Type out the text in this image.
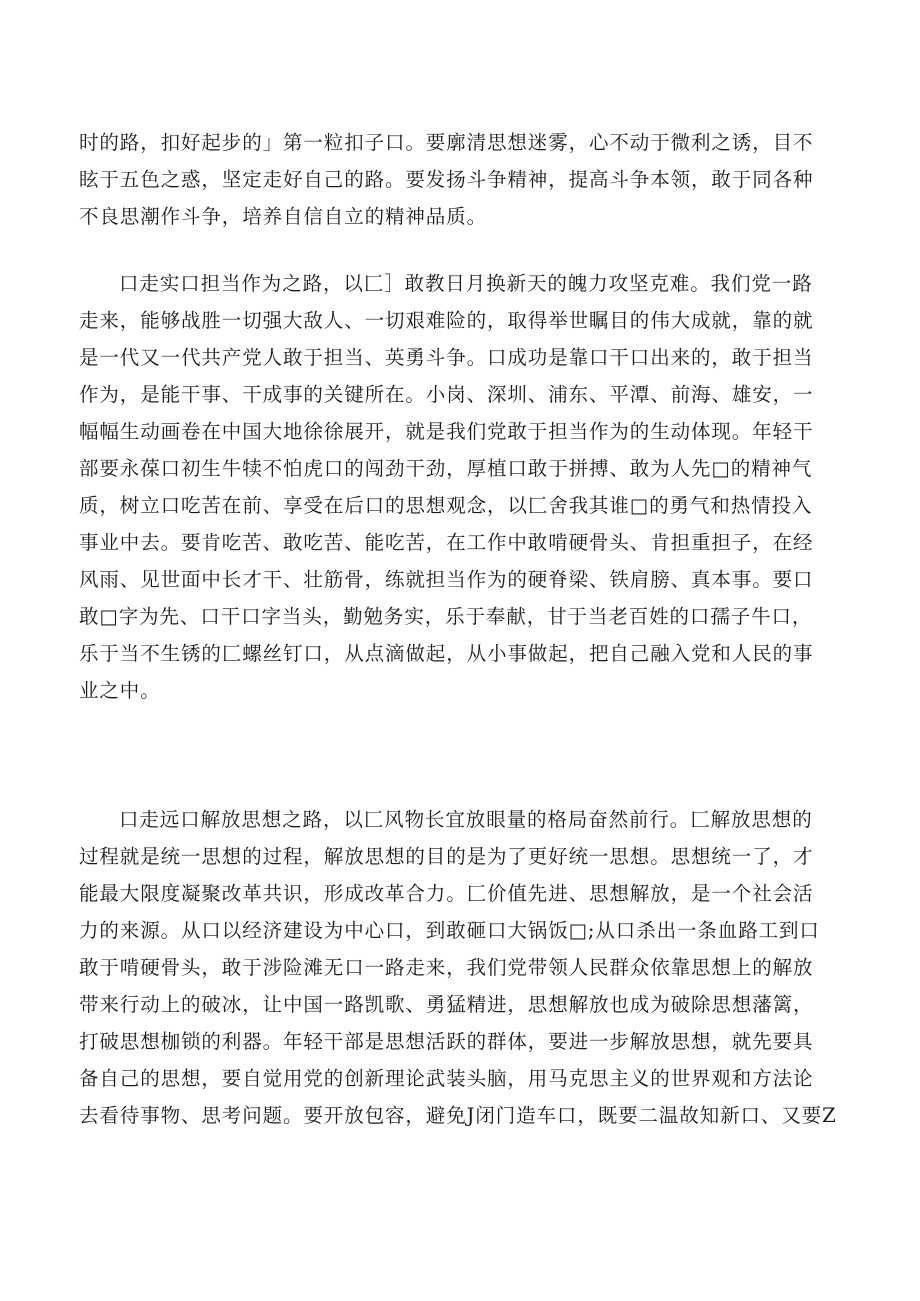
时的路，扣好起步的」第一粒扣子口。要廓清思想迷雾，心不动于微利之诱，目不
眩于五色之惑，坚定走好自己的路。要发扬斗争精神，提高斗争本领，敢于同各种
不良思潮作斗争，培养自信自立的精神品质。
口走实口担当作为之路，以匚］敢教日月换新天的魄力攻坚克难。我们党一路
走来，能够战胜一切强大敌人、一切艰难险的，取得举世瞩目的伟大成就，靠的就
是一代又一代共产党人敢于担当、英勇斗争。口成功是靠口干口出来的，敢于担当
作为，是能干事、干成事的关键所在。小岗、深圳、浦东、平潭、前海、雄安，一
幅幅生动画卷在中国大地徐徐展开，就是我们党敢于担当作为的生动体现。年轻干
部要永葆口初生牛犊不怕虎口的闯劲干劲，厚植口敢于拼搏、敢为人先□的精神气
质，树立口吃苦在前、享受在后口的思想观念，以匚舍我其谁□的勇气和热情投入
事业中去。要肯吃苦、敢吃苦、能吃苦，在工作中敢啃硬骨头、肯担重担子，在经
风雨、见世面中长才干、壮筋骨，练就担当作为的硬脊梁、铁肩膀、真本事。要口
敢□字为先、口干口字当头，勤勉务实，乐于奉献，甘于当老百姓的口孺子牛口，
乐于当不生锈的匚螺丝钉口，从点滴做起，从小事做起，把自己融入党和人民的事
业之中。
口走远口解放思想之路，以匚风物长宜放眼量的格局奋然前行。匚解放思想的
过程就是统一思想的过程，解放思想的目的是为了更好统一思想。思想统一了，才
能最大限度凝聚改革共识，形成改革合力。匚价值先进、思想解放，是一个社会活
力的来源。从口以经济建设为中心口，到敢砸口大锅饭□;从口杀出一条血路工到口
敢于啃硬骨头，敢于涉险滩无口一路走来，我们党带领人民群众依靠思想上的解放
带来行动上的破冰，让中国一路凯歌、勇猛精进，思想解放也成为破除思想藩篱，
打破思想枷锁的利器。年轻干部是思想活跃的群体，要进一步解放思想，就先要具
备自己的思想，要自觉用党的创新理论武装头脑，用马克思主义的世界观和方法论
去看待事物、思考问题。要开放包容，避免J闭门造车口，既要二温故知新口、又要Z
